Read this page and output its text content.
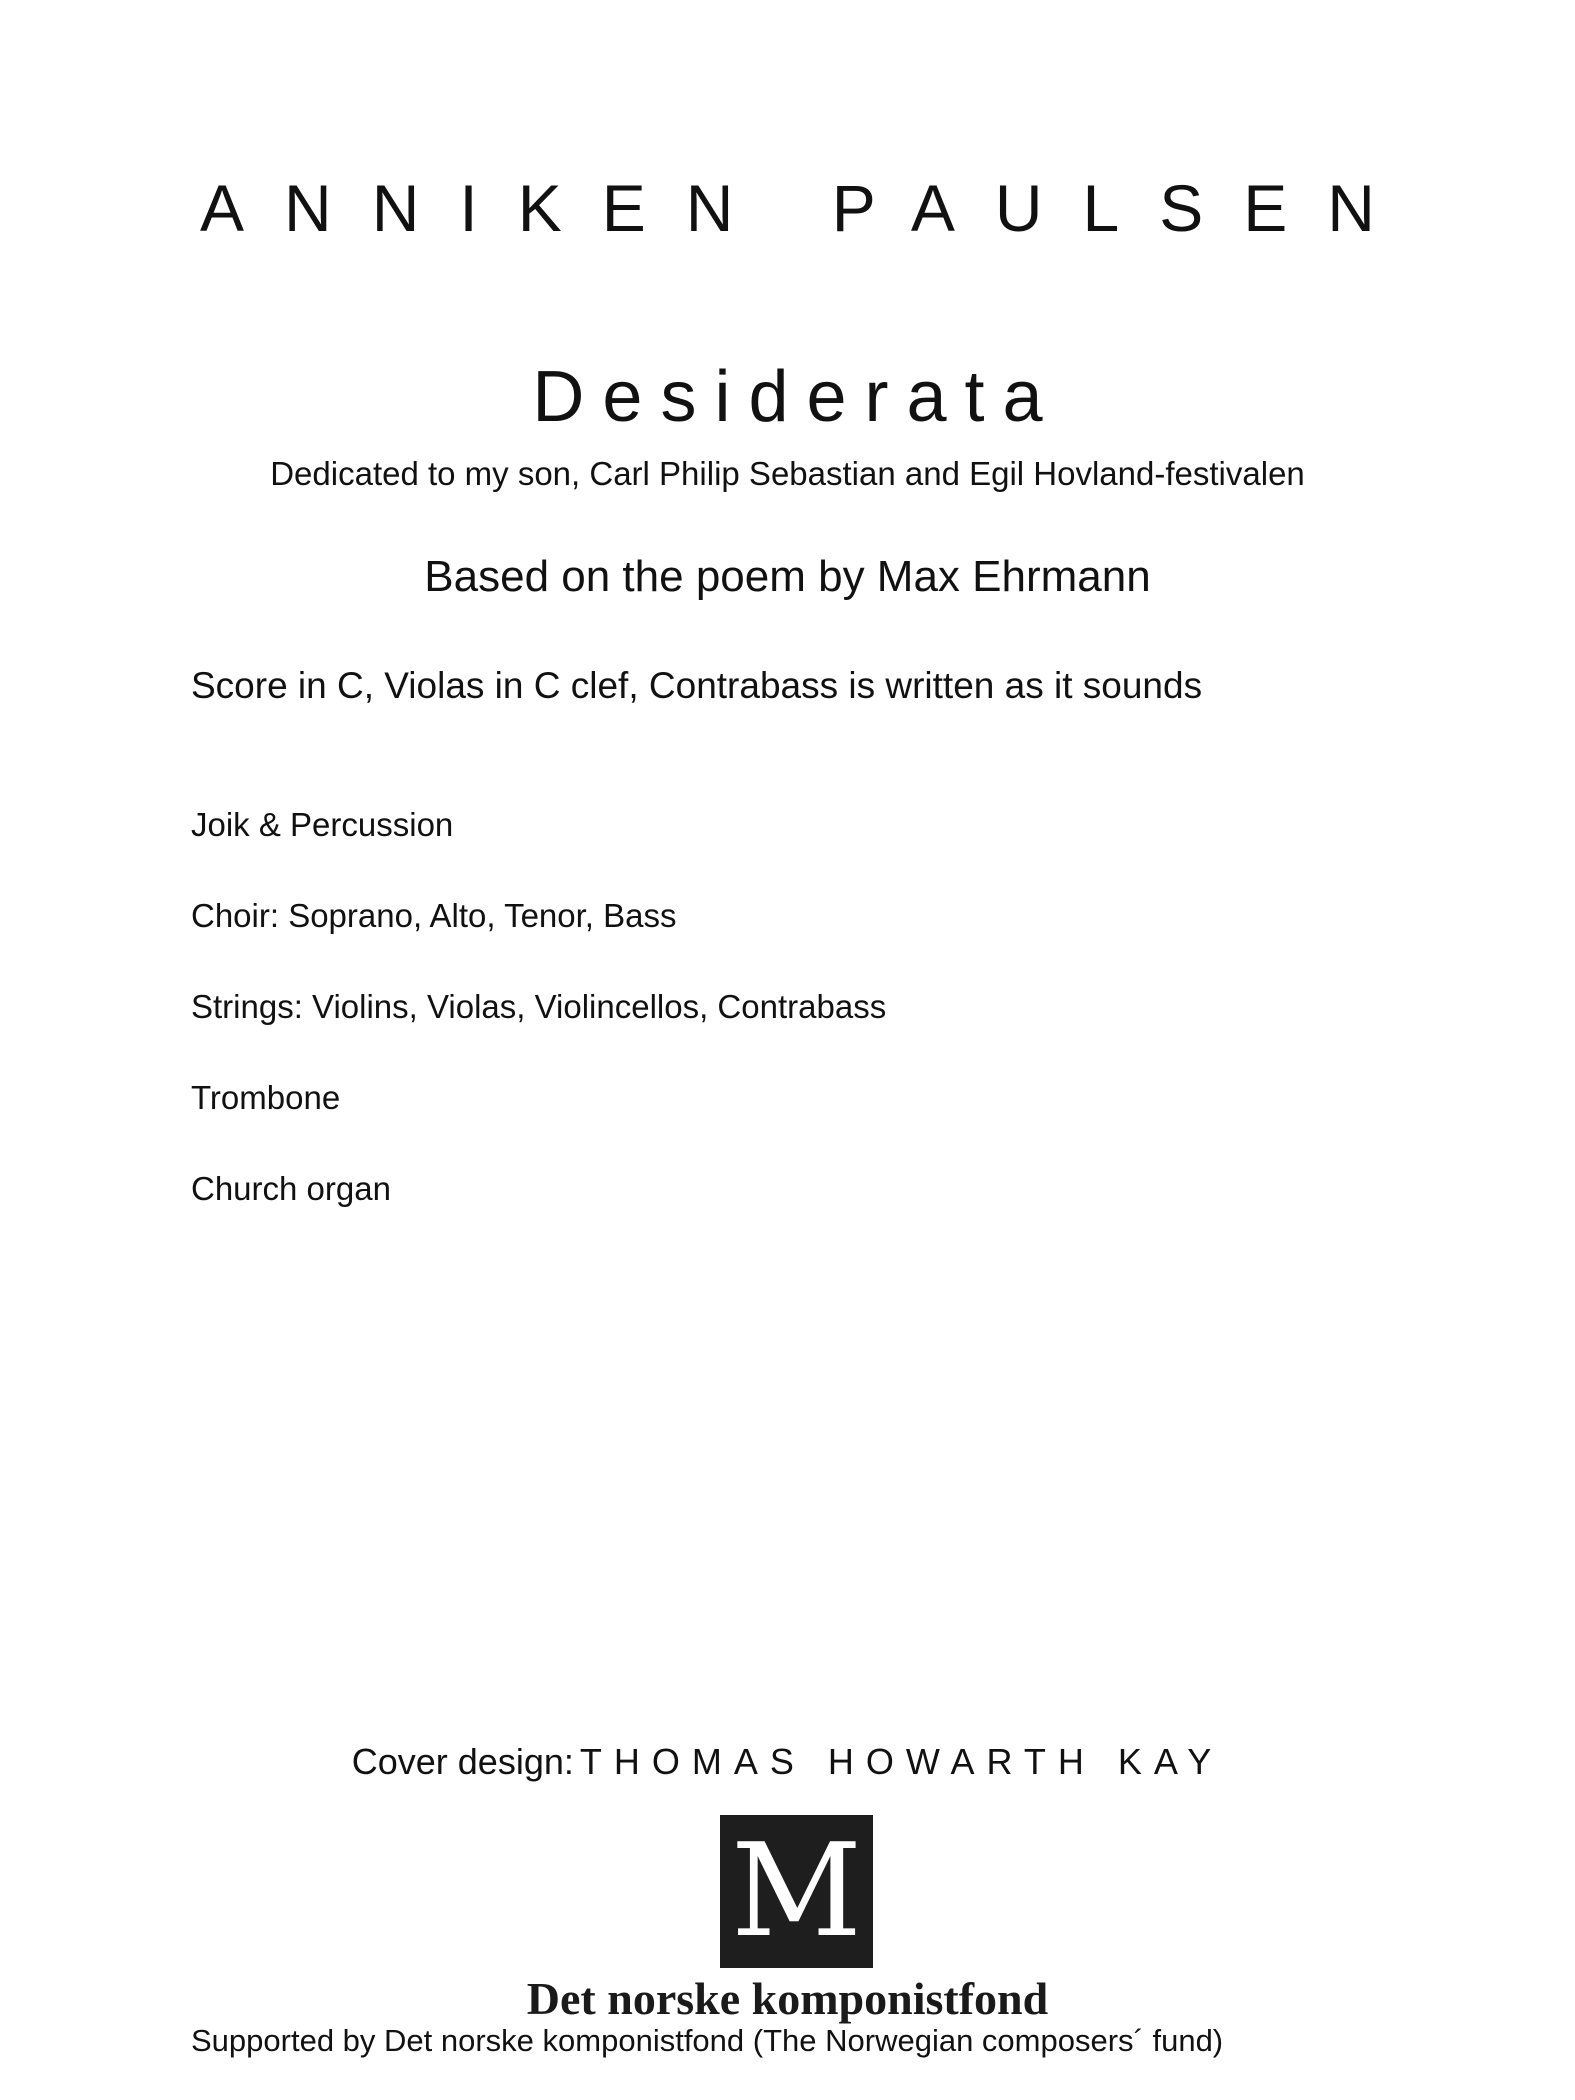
ANNIKEN PAULSEN
Desiderata
Dedicated to my son, Carl Philip Sebastian and Egil Hovland-festivalen
Based on the poem by Max Ehrmann
Score in C, Violas in C clef, Contrabass is written as it sounds
Joik & Percussion
Choir: Soprano, Alto, Tenor, Bass
Strings: Violins, Violas, Violincellos, Contrabass
Trombone
Church organ
Cover design: THOMAS HOWARTH KAY
M
Det norske komponistfond
Supported by Det norske komponistfond (The Norwegian composers´ fund)
